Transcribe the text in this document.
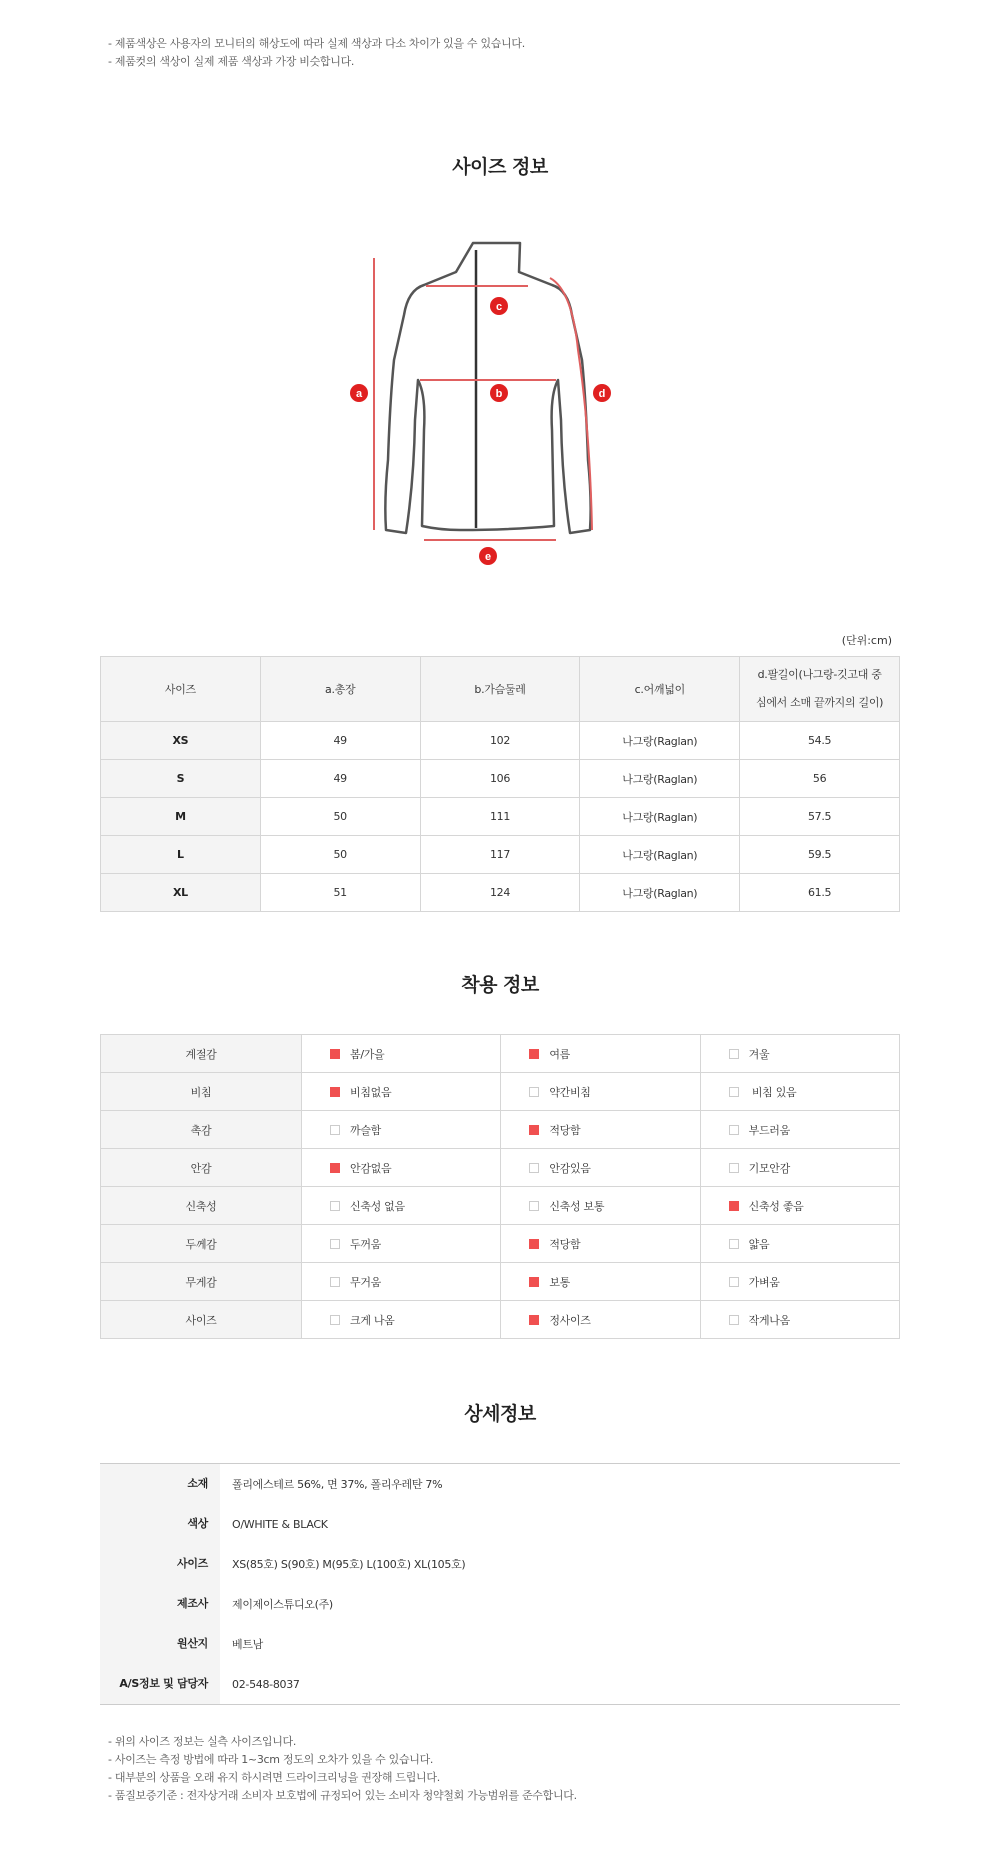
- 제품색상은 사용자의 모니터의 해상도에 따라 실제 색상과 다소 차이가 있을 수 있습니다.
- 제품컷의 색상이 실제 제품 색상과 가장 비슷합니다.
사이즈 정보
a	b
c
d
e
(단위:cm)
사이즈	a.총장	b.가슴둘레	c.어깨넓이	d.팔길이(나그랑-깃고대 중
심에서 소매 끝까지의 길이)
XS	49	102	나그랑(Raglan)	54.5
S	49	106	나그랑(Raglan)	56
M	50	111	나그랑(Raglan)	57.5
L	50	117	나그랑(Raglan)	59.5
XL	51	124	나그랑(Raglan)	61.5
착용 정보
계절감	봄/가을	여름	겨울
비침	비침없음	약간비침	비침 있음
촉감	까슬함	적당함	부드러움
안감	안감없음	안감있음	기모안감
신축성	신축성 없음	신축성 보통	신축성 좋음
두께감	두꺼움	적당함	얇음
무게감	무거움	보통	가벼움
사이즈	크게 나옴	정사이즈	작게나옴
상세정보
소재	폴리에스테르 56%, 면 37%, 폴리우레탄 7%
색상	O/WHITE & BLACK
사이즈	XS(85호) S(90호) M(95호) L(100호) XL(105호)
제조사	제이제이스튜디오(주)
원산지	베트남
A/S정보 및 담당자	02-548-8037
- 위의 사이즈 정보는 실측 사이즈입니다.
- 사이즈는 측정 방법에 따라 1~3cm 정도의 오차가 있을 수 있습니다.
- 대부분의 상품을 오래 유지 하시려면 드라이크리닝을 권장해 드립니다.
- 품질보증기준 : 전자상거래 소비자 보호법에 규정되어 있는 소비자 청약철회 가능범위를 준수합니다.
